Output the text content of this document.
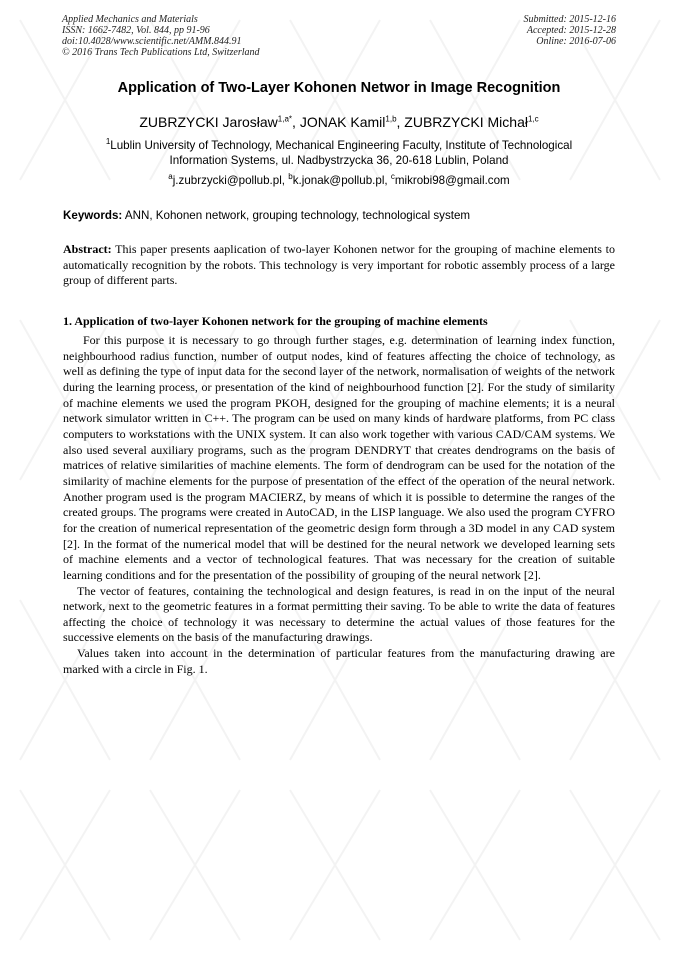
Applied Mechanics and Materials
ISSN: 1662-7482, Vol. 844, pp 91-96
doi:10.4028/www.scientific.net/AMM.844.91
© 2016 Trans Tech Publications Ltd, Switzerland
Submitted: 2015-12-16
Accepted: 2015-12-28
Online: 2016-07-06
Application of Two-Layer Kohonen Networ in Image Recognition
ZUBRZYCKI Jarosław$^{1,a*}$, JONAK Kamil$^{1,b}$, ZUBRZYCKI Michał$^{1,c}$
$^1$Lublin University of Technology, Mechanical Engineering Faculty, Institute of Technological
Information Systems, ul. Nadbystrzycka 36, 20-618 Lublin, Poland
$^a$j.zubrzycki@pollub.pl, $^b$k.jonak@pollub.pl, $^c$mikrobi98@gmail.com
Keywords: ANN, Kohonen network, grouping technology, technological system
Abstract: This paper presents aaplication of two-layer Kohonen networ for the grouping of machine elements to automatically recognition by the robots. This technology is very important for robotic assembly process of a large group of different parts.
1. Application of two-layer Kohonen network for the grouping of machine elements

For this purpose it is necessary to go through further stages, e.g. determination of learning index function, neighbourhood radius function, number of output nodes, kind of features affecting the choice of technology, as well as defining the type of input data for the second layer of the network, normalisation of weights of the network during the learning process, or presentation of the kind of neighbourhood function [2]. For the study of similarity of machine elements we used the program PKOH, designed for the grouping of machine elements; it is a neural network simulator written in C++. The program can be used on many kinds of hardware platforms, from PC class computers to workstations with the UNIX system. It can also work together with various CAD/CAM systems. We also used several auxiliary programs, such as the program DENDRYT that creates dendrograms on the basis of matrices of relative similarities of machine elements. The form of dendrogram can be used for the notation of the similarity of machine elements for the purpose of presentation of the effect of the operation of the neural network. Another program used is the program MACIERZ, by means of which it is possible to determine the ranges of the created groups. The programs were created in AutoCAD, in the LISP language. We also used the program CYFRO for the creation of numerical representation of the geometric design form through a 3D model in any CAD system [2]. In the format of the numerical model that will be destined for the neural network we developed learning sets of machine elements and a vector of technological features. That was necessary for the creation of suitable learning conditions and for the presentation of the possibility of grouping of the neural network [2].

The vector of features, containing the technological and design features, is read in on the input of the neural network, next to the geometric features in a format permitting their saving. To be able to write the data of features affecting the choice of technology it was necessary to determine the actual values of those features for the successive elements on the basis of the manufacturing drawings.

Values taken into account in the determination of particular features from the manufacturing drawing are marked with a circle in Fig. 1.
